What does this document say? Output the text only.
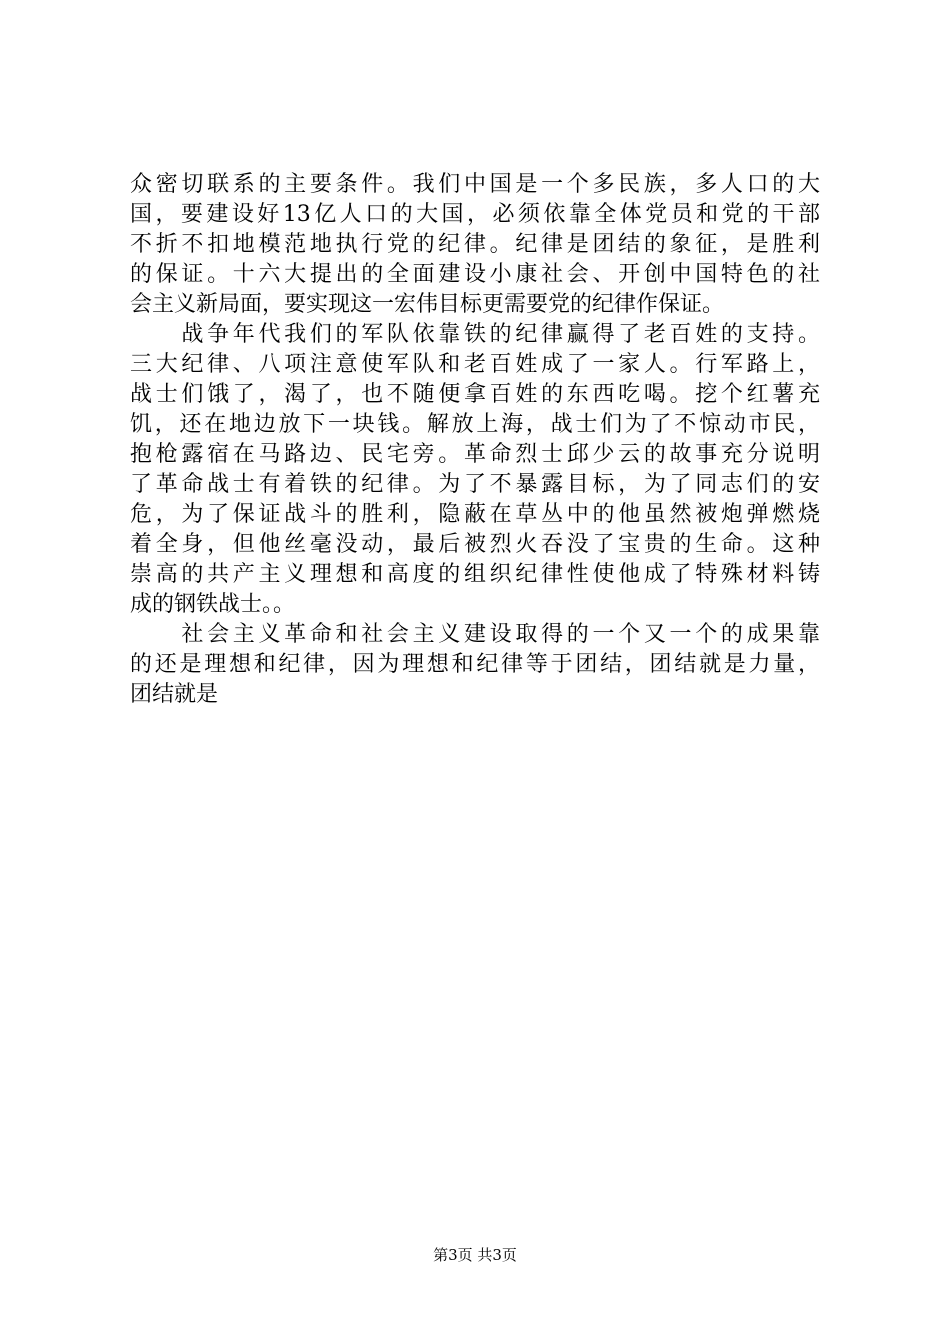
众密切联系的主要条件。我们中国是一个多民族，多人口的大
国，要建设好13亿人口的大国，必须依靠全体党员和党的干部
不折不扣地模范地执行党的纪律。纪律是团结的象征，是胜利
的保证。十六大提出的全面建设小康社会、开创中国特色的社
会主义新局面，要实现这一宏伟目标更需要党的纪律作保证。
　　战争年代我们的军队依靠铁的纪律赢得了老百姓的支持。
三大纪律、八项注意使军队和老百姓成了一家人。行军路上，
战士们饿了，渴了，也不随便拿百姓的东西吃喝。挖个红薯充
饥，还在地边放下一块钱。解放上海，战士们为了不惊动市民，
抱枪露宿在马路边、民宅旁。革命烈士邱少云的故事充分说明
了革命战士有着铁的纪律。为了不暴露目标，为了同志们的安
危，为了保证战斗的胜利，隐蔽在草丛中的他虽然被炮弹燃烧
着全身，但他丝毫没动，最后被烈火吞没了宝贵的生命。这种
崇高的共产主义理想和高度的组织纪律性使他成了特殊材料铸
成的钢铁战士。。
　　社会主义革命和社会主义建设取得的一个又一个的成果靠
的还是理想和纪律，因为理想和纪律等于团结，团结就是力量，
团结就是
第3页 共3页
